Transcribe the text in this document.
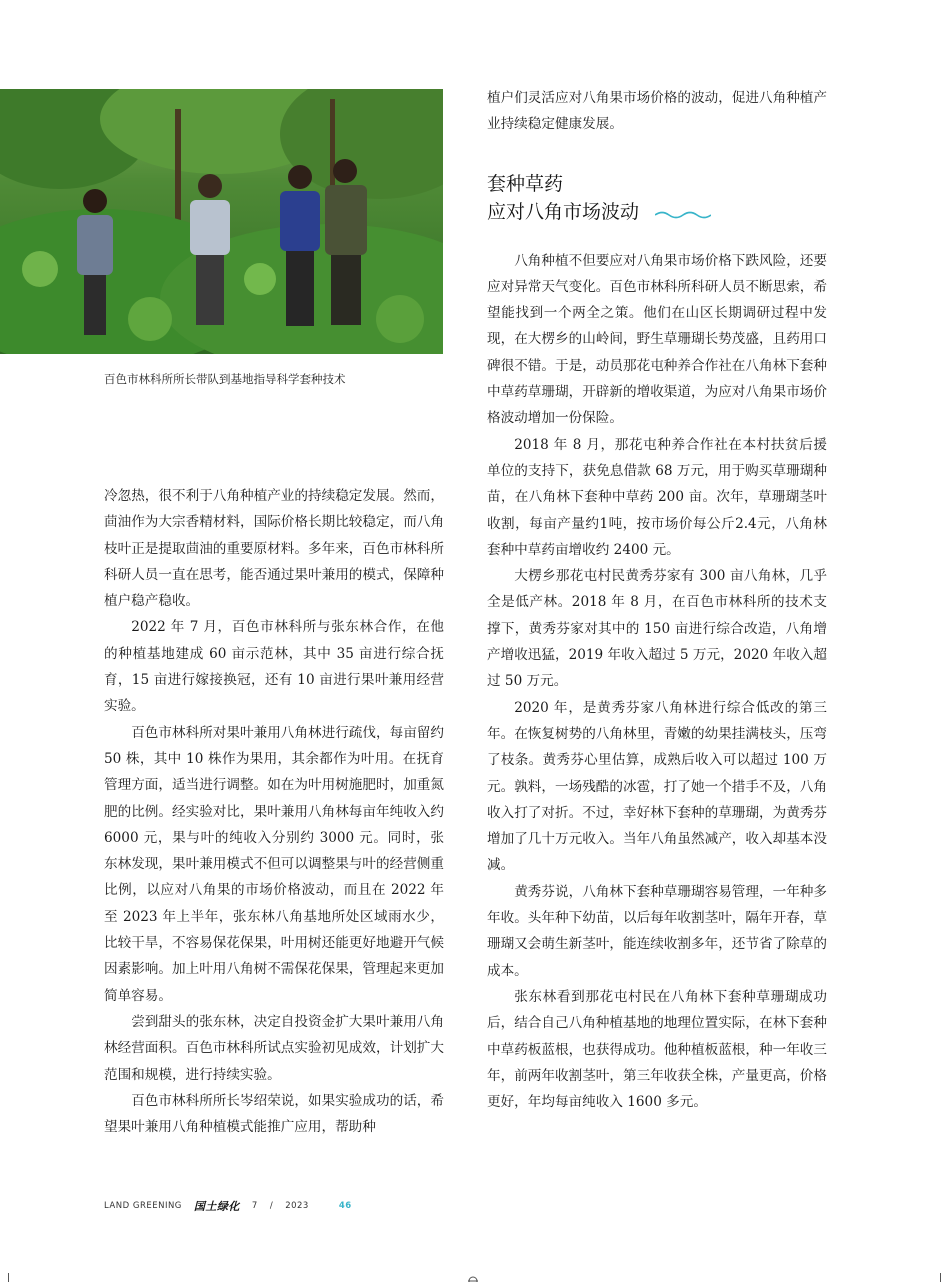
百色市林科所所长带队到基地指导科学套种技术

冷忽热，很不利于八角种植产业的持续稳定发展。然而，茴油作为大宗香精材料，国际价格长期比较稳定，而八角枝叶正是提取茴油的重要原材料。多年来，百色市林科所科研人员一直在思考，能否通过果叶兼用的模式，保障种植户稳产稳收。

2022 年 7 月，百色市林科所与张东林合作，在他的种植基地建成 60 亩示范林，其中 35 亩进行综合抚育，15 亩进行嫁接换冠，还有 10 亩进行果叶兼用经营实验。

百色市林科所对果叶兼用八角林进行疏伐，每亩留约 50 株，其中 10 株作为果用，其余都作为叶用。在抚育管理方面，适当进行调整。如在为叶用树施肥时，加重氮肥的比例。经实验对比，果叶兼用八角林每亩年纯收入约 6000 元，果与叶的纯收入分别约 3000 元。同时，张东林发现，果叶兼用模式不但可以调整果与叶的经营侧重比例，以应对八角果的市场价格波动，而且在 2022 年至 2023 年上半年，张东林八角基地所处区域雨水少，比较干旱，不容易保花保果，叶用树还能更好地避开气候因素影响。加上叶用八角树不需保花保果，管理起来更加简单容易。

尝到甜头的张东林，决定自投资金扩大果叶兼用八角林经营面积。百色市林科所试点实验初见成效，计划扩大范围和规模，进行持续实验。

百色市林科所所长岑绍荣说，如果实验成功的话，希望果叶兼用八角种植模式能推广应用，帮助种

植户们灵活应对八角果市场价格的波动，促进八角种植产业持续稳定健康发展。

套种草药
应对八角市场波动

八角种植不但要应对八角果市场价格下跌风险，还要应对异常天气变化。百色市林科所科研人员不断思索，希望能找到一个两全之策。他们在山区长期调研过程中发现，在大楞乡的山岭间，野生草珊瑚长势茂盛，且药用口碑很不错。于是，动员那花屯种养合作社在八角林下套种中草药草珊瑚，开辟新的增收渠道，为应对八角果市场价格波动增加一份保险。

2018 年 8 月，那花屯种养合作社在本村扶贫后援单位的支持下，获免息借款 68 万元，用于购买草珊瑚种苗，在八角林下套种中草药 200 亩。次年，草珊瑚茎叶收割，每亩产量约1吨，按市场价每公斤2.4元，八角林套种中草药亩增收约 2400 元。

大楞乡那花屯村民黄秀芬家有 300 亩八角林，几乎全是低产林。2018 年 8 月，在百色市林科所的技术支撑下，黄秀芬家对其中的 150 亩进行综合改造，八角增产增收迅猛，2019 年收入超过 5 万元，2020 年收入超过 50 万元。

2020 年，是黄秀芬家八角林进行综合低改的第三年。在恢复树势的八角林里，青嫩的幼果挂满枝头，压弯了枝条。黄秀芬心里估算，成熟后收入可以超过 100 万元。孰料，一场残酷的冰雹，打了她一个措手不及，八角收入打了对折。不过，幸好林下套种的草珊瑚，为黄秀芬增加了几十万元收入。当年八角虽然减产，收入却基本没减。

黄秀芬说，八角林下套种草珊瑚容易管理，一年种多年收。头年种下幼苗，以后每年收割茎叶，隔年开春，草珊瑚又会萌生新茎叶，能连续收割多年，还节省了除草的成本。

张东林看到那花屯村民在八角林下套种草珊瑚成功后，结合自己八角种植基地的地理位置实际，在林下套种中草药板蓝根，也获得成功。他种植板蓝根，种一年收三年，前两年收割茎叶，第三年收获全株，产量更高，价格更好，年均每亩纯收入 1600 多元。

LAND GREENING 国土绿化 7 / 2023	46
